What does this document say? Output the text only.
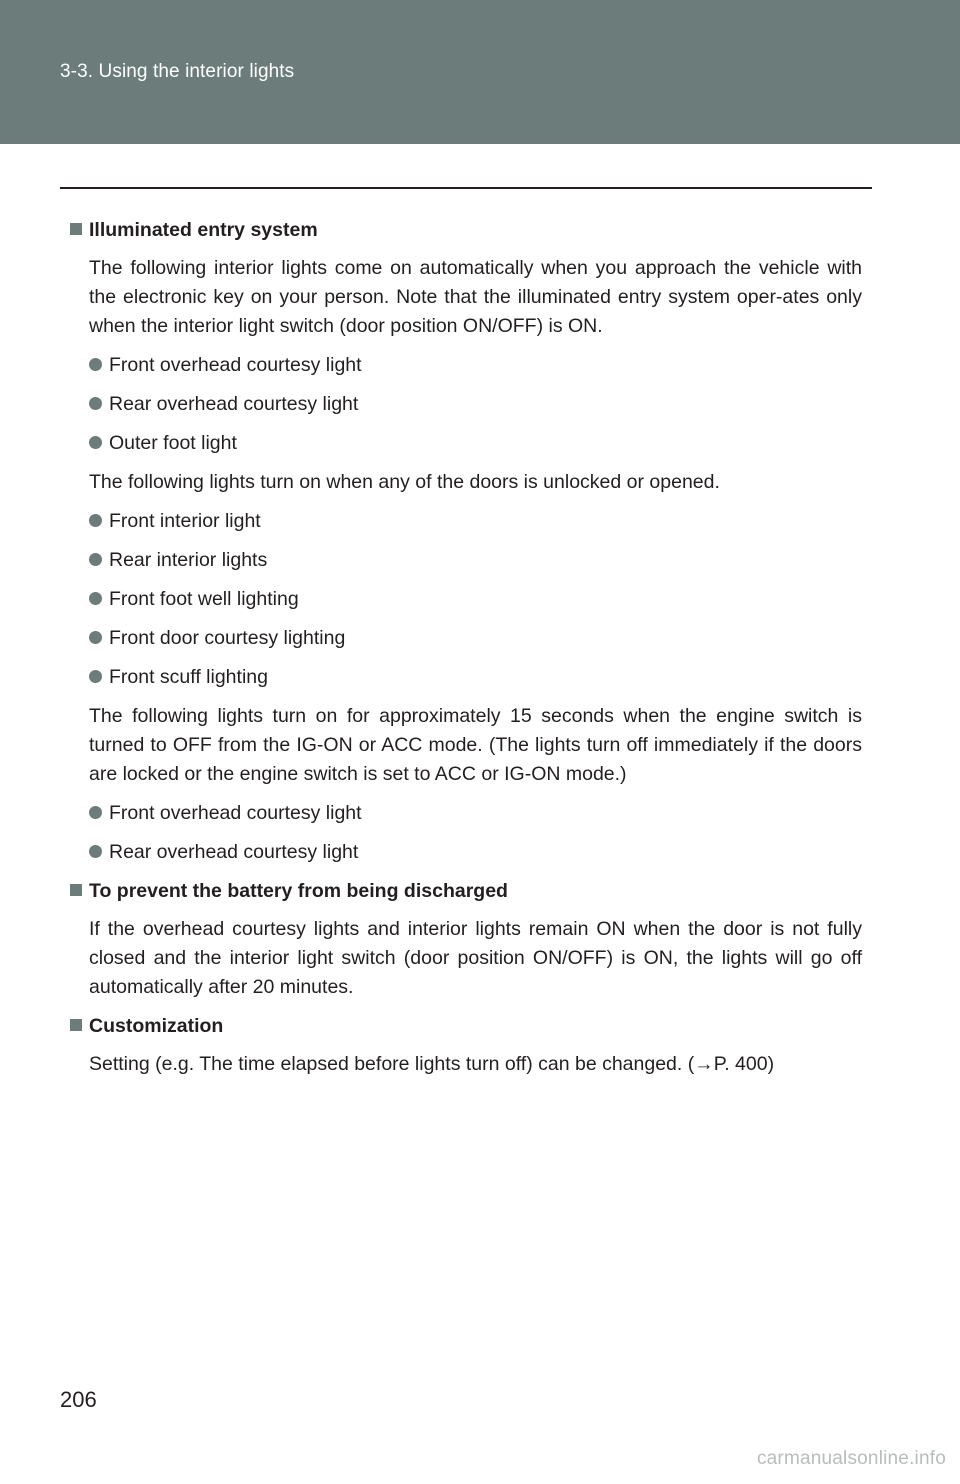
3-3. Using the interior lights
Illuminated entry system
The following interior lights come on automatically when you approach the vehicle with the electronic key on your person. Note that the illuminated entry system oper-ates only when the interior light switch (door position ON/OFF) is ON.
Front overhead courtesy light
Rear overhead courtesy light
Outer foot light
The following lights turn on when any of the doors is unlocked or opened.
Front interior light
Rear interior lights
Front foot well lighting
Front door courtesy lighting
Front scuff lighting
The following lights turn on for approximately 15 seconds when the engine switch is turned to OFF from the IG-ON or ACC mode. (The lights turn off immediately if the doors are locked or the engine switch is set to ACC or IG-ON mode.)
Front overhead courtesy light
Rear overhead courtesy light
To prevent the battery from being discharged
If the overhead courtesy lights and interior lights remain ON when the door is not fully closed and the interior light switch (door position ON/OFF) is ON, the lights will go off automatically after 20 minutes.
Customization
Setting (e.g. The time elapsed before lights turn off) can be changed. (→P. 400)
206
carmanualsonline.info
